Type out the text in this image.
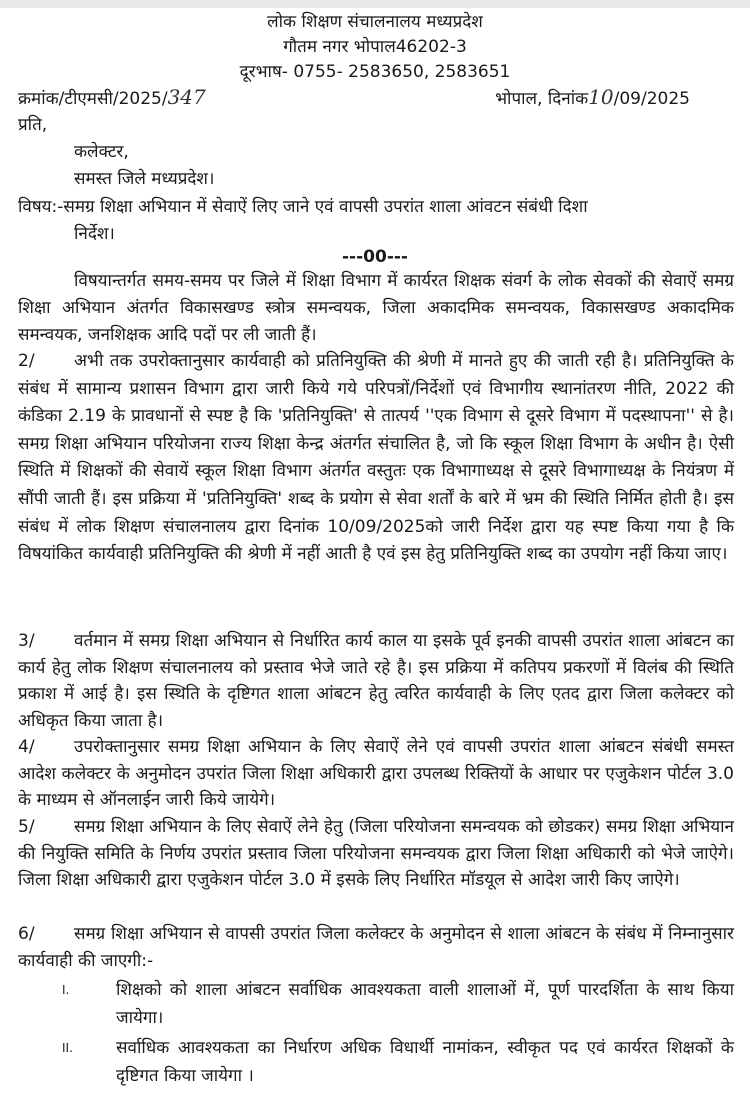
लोक शिक्षण संचालनालय मध्यप्रदेश
गौतम नगर भोपाल46202-3
दूरभाष- 0755- 2583650, 2583651
क्रमांक/टीएमसी/2025/347	भोपाल, दिनांक10/09/2025
प्रति,
कलेक्टर,
समस्त जिले मध्यप्रदेश।
विषय:-समग्र शिक्षा अभियान में सेवाऐं लिए जाने एवं वापसी उपरांत शाला आंवटन संबंधी दिशा
निर्देश।
---00---
विषयान्तर्गत समय-समय पर जिले में शिक्षा विभाग में कार्यरत शिक्षक संवर्ग के लोक सेवकों की सेवाऐं समग्र शिक्षा अभियान अंतर्गत विकासखण्ड स्त्रोत्र समन्वयक, जिला अकादमिक समन्वयक, विकासखण्ड अकादमिक समन्वयक, जनशिक्षक आदि पदों पर ली जाती हैं।
2/ अभी तक उपरोक्तानुसार कार्यवाही को प्रतिनियुक्ति की श्रेणी में मानते हुए की जाती रही है। प्रतिनियुक्ति के संबंध में सामान्य प्रशासन विभाग द्वारा जारी किये गये परिपत्रों/निर्देशों एवं विभागीय स्थानांतरण नीति, 2022 की कंडिका 2.19 के प्रावधानों से स्पष्ट है कि 'प्रतिनियुक्ति' से तात्पर्य ''एक विभाग से दूसरे विभाग में पदस्थापना'' से है। समग्र शिक्षा अभियान परियोजना राज्य शिक्षा केन्द्र अंतर्गत संचालित है, जो कि स्कूल शिक्षा विभाग के अधीन है। ऐसी स्थिति में शिक्षकों की सेवायें स्कूल शिक्षा विभाग अंतर्गत वस्तुतः एक विभागाध्यक्ष से दूसरे विभागाध्यक्ष के नियंत्रण में सौंपी जाती हैं। इस प्रक्रिया में 'प्रतिनियुक्ति' शब्द के प्रयोग से सेवा शर्तों के बारे में भ्रम की स्थिति निर्मित होती है। इस संबंध में लोक शिक्षण संचालनालय द्वारा दिनांक 10/09/2025को जारी निर्देश द्वारा यह स्पष्ट किया गया है कि विषयांकित कार्यवाही प्रतिनियुक्ति की श्रेणी में नहीं आती है एवं इस हेतु प्रतिनियुक्ति शब्द का उपयोग नहीं किया जाए।
3/ वर्तमान में समग्र शिक्षा अभियान से निर्धारित कार्य काल या इसके पूर्व इनकी वापसी उपरांत शाला आंबटन का कार्य हेतु लोक शिक्षण संचालनालय को प्रस्ताव भेजे जाते रहे है। इस प्रक्रिया में कतिपय प्रकरणों में विलंब की स्थिति प्रकाश में आई है। इस स्थिति के दृष्टिगत शाला आंबटन हेतु त्वरित कार्यवाही के लिए एतद द्वारा जिला कलेक्टर को अधिकृत किया जाता है।
4/ उपरोक्तानुसार समग्र शिक्षा अभियान के लिए सेवाऐं लेने एवं वापसी उपरांत शाला आंबटन संबंधी समस्त आदेश कलेक्टर के अनुमोदन उपरांत जिला शिक्षा अधिकारी द्वारा उपलब्ध रिक्तियों के आधार पर एजुकेशन पोर्टल 3.0 के माध्यम से ऑनलाईन जारी किये जायेगे।
5/ समग्र शिक्षा अभियान के लिए सेवाऐं लेने हेतु (जिला परियोजना समन्वयक को छोडकर) समग्र शिक्षा अभियान की नियुक्ति समिति के निर्णय उपरांत प्रस्ताव जिला परियोजना समन्वयक द्वारा जिला शिक्षा अधिकारी को भेजे जाऐगे। जिला शिक्षा अधिकारी द्वारा एजुकेशन पोर्टल 3.0 में इसके लिए निर्धारित मॉडयूल से आदेश जारी किए जाऐगे।
6/ समग्र शिक्षा अभियान से वापसी उपरांत जिला कलेक्टर के अनुमोदन से शाला आंबटन के संबंध में निम्नानुसार कार्यवाही की जाएगी:-
I.	शिक्षको को शाला आंबटन सर्वाधिक आवश्यकता वाली शालाओं में, पूर्ण पारदर्शिता के साथ किया जायेगा।
II.	सर्वाधिक आवश्यकता का निर्धारण अधिक विधार्थी नामांकन, स्वीकृत पद एवं कार्यरत शिक्षकों के दृष्टिगत किया जायेगा ।
